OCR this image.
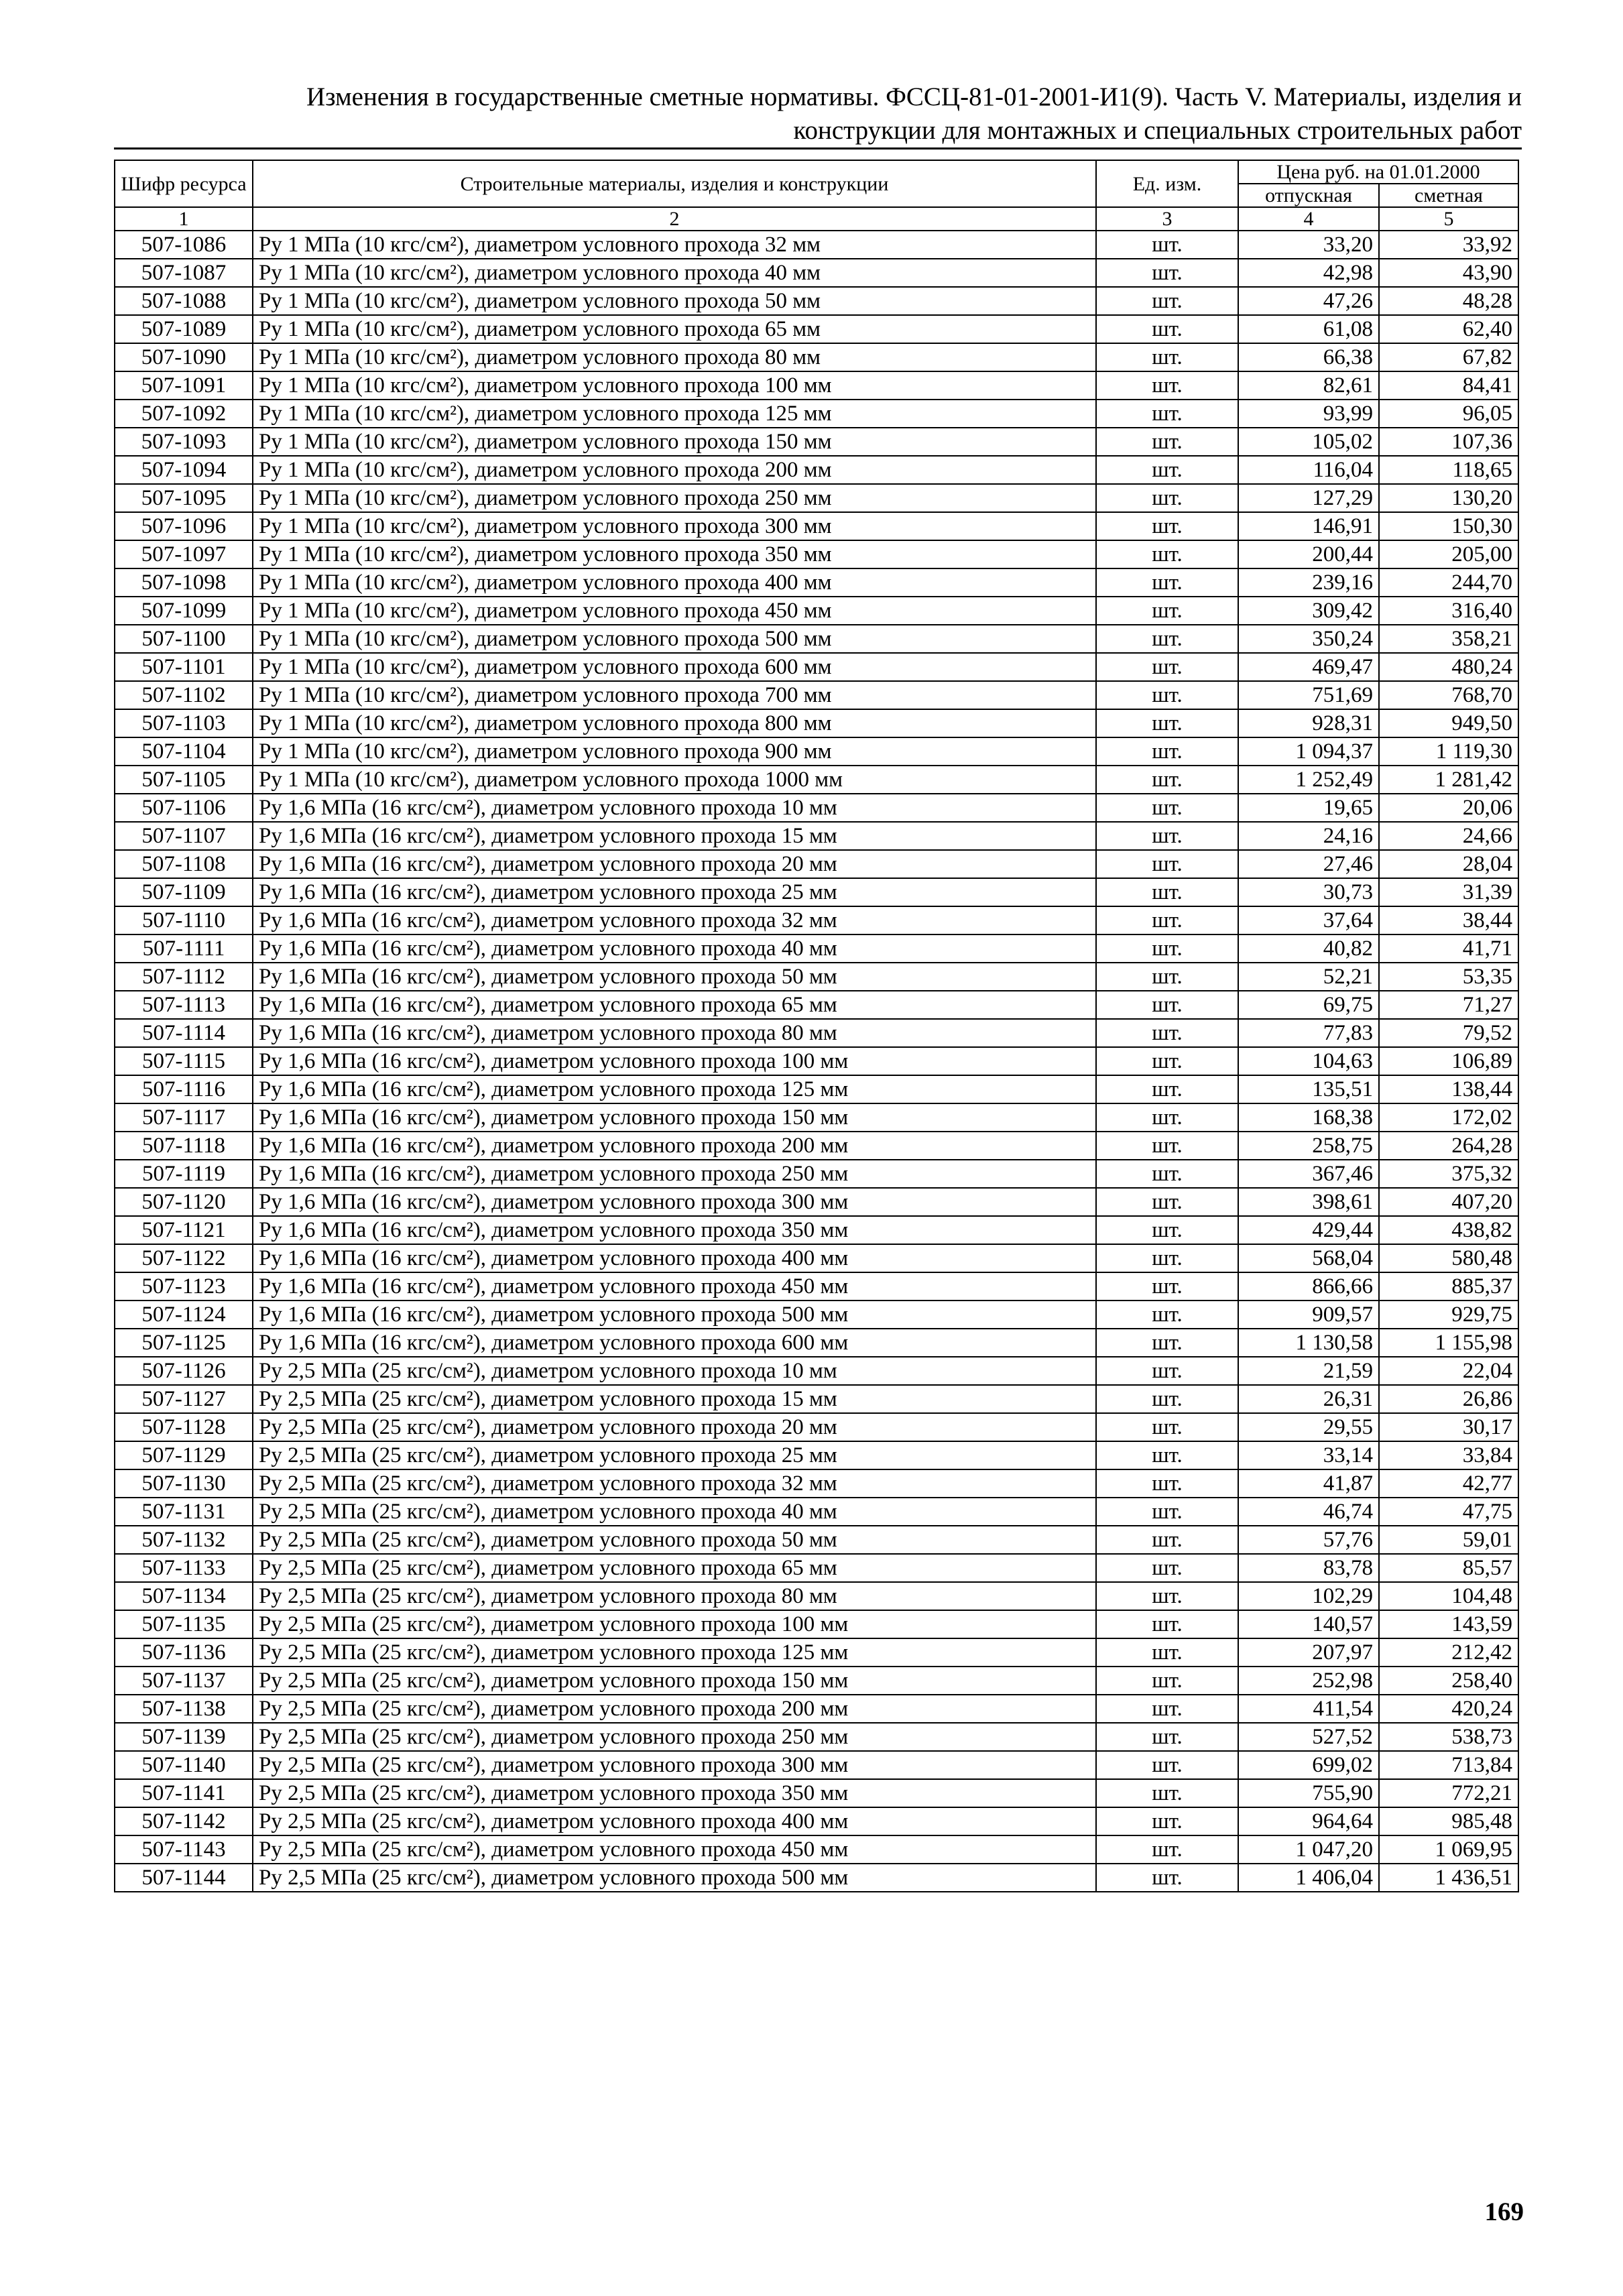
Изменения в государственные сметные нормативы. ФССЦ-81-01-2001-И1(9). Часть V. Материалы, изделия и
конструкции для монтажных и специальных строительных работ
Шифр ресурса	Строительные материалы, изделия и конструкции	Ед. изм.	Цена руб. на 01.01.2000	
			отпускная	сметная
1	2	3	4	5
507-1086	Ру 1 МПа (10 кгс/см²), диаметром условного прохода 32 мм	шт.	33,20	33,92
507-1087	Ру 1 МПа (10 кгс/см²), диаметром условного прохода 40 мм	шт.	42,98	43,90
507-1088	Ру 1 МПа (10 кгс/см²), диаметром условного прохода 50 мм	шт.	47,26	48,28
507-1089	Ру 1 МПа (10 кгс/см²), диаметром условного прохода 65 мм	шт.	61,08	62,40
507-1090	Ру 1 МПа (10 кгс/см²), диаметром условного прохода 80 мм	шт.	66,38	67,82
507-1091	Ру 1 МПа (10 кгс/см²), диаметром условного прохода 100 мм	шт.	82,61	84,41
507-1092	Ру 1 МПа (10 кгс/см²), диаметром условного прохода 125 мм	шт.	93,99	96,05
507-1093	Ру 1 МПа (10 кгс/см²), диаметром условного прохода 150 мм	шт.	105,02	107,36
507-1094	Ру 1 МПа (10 кгс/см²), диаметром условного прохода 200 мм	шт.	116,04	118,65
507-1095	Ру 1 МПа (10 кгс/см²), диаметром условного прохода 250 мм	шт.	127,29	130,20
507-1096	Ру 1 МПа (10 кгс/см²), диаметром условного прохода 300 мм	шт.	146,91	150,30
507-1097	Ру 1 МПа (10 кгс/см²), диаметром условного прохода 350 мм	шт.	200,44	205,00
507-1098	Ру 1 МПа (10 кгс/см²), диаметром условного прохода 400 мм	шт.	239,16	244,70
507-1099	Ру 1 МПа (10 кгс/см²), диаметром условного прохода 450 мм	шт.	309,42	316,40
507-1100	Ру 1 МПа (10 кгс/см²), диаметром условного прохода 500 мм	шт.	350,24	358,21
507-1101	Ру 1 МПа (10 кгс/см²), диаметром условного прохода 600 мм	шт.	469,47	480,24
507-1102	Ру 1 МПа (10 кгс/см²), диаметром условного прохода 700 мм	шт.	751,69	768,70
507-1103	Ру 1 МПа (10 кгс/см²), диаметром условного прохода 800 мм	шт.	928,31	949,50
507-1104	Ру 1 МПа (10 кгс/см²), диаметром условного прохода 900 мм	шт.	1 094,37	1 119,30
507-1105	Ру 1 МПа (10 кгс/см²), диаметром условного прохода 1000 мм	шт.	1 252,49	1 281,42
507-1106	Ру 1,6 МПа (16 кгс/см²), диаметром условного прохода 10 мм	шт.	19,65	20,06
507-1107	Ру 1,6 МПа (16 кгс/см²), диаметром условного прохода 15 мм	шт.	24,16	24,66
507-1108	Ру 1,6 МПа (16 кгс/см²), диаметром условного прохода 20 мм	шт.	27,46	28,04
507-1109	Ру 1,6 МПа (16 кгс/см²), диаметром условного прохода 25 мм	шт.	30,73	31,39
507-1110	Ру 1,6 МПа (16 кгс/см²), диаметром условного прохода 32 мм	шт.	37,64	38,44
507-1111	Ру 1,6 МПа (16 кгс/см²), диаметром условного прохода 40 мм	шт.	40,82	41,71
507-1112	Ру 1,6 МПа (16 кгс/см²), диаметром условного прохода 50 мм	шт.	52,21	53,35
507-1113	Ру 1,6 МПа (16 кгс/см²), диаметром условного прохода 65 мм	шт.	69,75	71,27
507-1114	Ру 1,6 МПа (16 кгс/см²), диаметром условного прохода 80 мм	шт.	77,83	79,52
507-1115	Ру 1,6 МПа (16 кгс/см²), диаметром условного прохода 100 мм	шт.	104,63	106,89
507-1116	Ру 1,6 МПа (16 кгс/см²), диаметром условного прохода 125 мм	шт.	135,51	138,44
507-1117	Ру 1,6 МПа (16 кгс/см²), диаметром условного прохода 150 мм	шт.	168,38	172,02
507-1118	Ру 1,6 МПа (16 кгс/см²), диаметром условного прохода 200 мм	шт.	258,75	264,28
507-1119	Ру 1,6 МПа (16 кгс/см²), диаметром условного прохода 250 мм	шт.	367,46	375,32
507-1120	Ру 1,6 МПа (16 кгс/см²), диаметром условного прохода 300 мм	шт.	398,61	407,20
507-1121	Ру 1,6 МПа (16 кгс/см²), диаметром условного прохода 350 мм	шт.	429,44	438,82
507-1122	Ру 1,6 МПа (16 кгс/см²), диаметром условного прохода 400 мм	шт.	568,04	580,48
507-1123	Ру 1,6 МПа (16 кгс/см²), диаметром условного прохода 450 мм	шт.	866,66	885,37
507-1124	Ру 1,6 МПа (16 кгс/см²), диаметром условного прохода 500 мм	шт.	909,57	929,75
507-1125	Ру 1,6 МПа (16 кгс/см²), диаметром условного прохода 600 мм	шт.	1 130,58	1 155,98
507-1126	Ру 2,5 МПа (25 кгс/см²), диаметром условного прохода 10 мм	шт.	21,59	22,04
507-1127	Ру 2,5 МПа (25 кгс/см²), диаметром условного прохода 15 мм	шт.	26,31	26,86
507-1128	Ру 2,5 МПа (25 кгс/см²), диаметром условного прохода 20 мм	шт.	29,55	30,17
507-1129	Ру 2,5 МПа (25 кгс/см²), диаметром условного прохода 25 мм	шт.	33,14	33,84
507-1130	Ру 2,5 МПа (25 кгс/см²), диаметром условного прохода 32 мм	шт.	41,87	42,77
507-1131	Ру 2,5 МПа (25 кгс/см²), диаметром условного прохода 40 мм	шт.	46,74	47,75
507-1132	Ру 2,5 МПа (25 кгс/см²), диаметром условного прохода 50 мм	шт.	57,76	59,01
507-1133	Ру 2,5 МПа (25 кгс/см²), диаметром условного прохода 65 мм	шт.	83,78	85,57
507-1134	Ру 2,5 МПа (25 кгс/см²), диаметром условного прохода 80 мм	шт.	102,29	104,48
507-1135	Ру 2,5 МПа (25 кгс/см²), диаметром условного прохода 100 мм	шт.	140,57	143,59
507-1136	Ру 2,5 МПа (25 кгс/см²), диаметром условного прохода 125 мм	шт.	207,97	212,42
507-1137	Ру 2,5 МПа (25 кгс/см²), диаметром условного прохода 150 мм	шт.	252,98	258,40
507-1138	Ру 2,5 МПа (25 кгс/см²), диаметром условного прохода 200 мм	шт.	411,54	420,24
507-1139	Ру 2,5 МПа (25 кгс/см²), диаметром условного прохода 250 мм	шт.	527,52	538,73
507-1140	Ру 2,5 МПа (25 кгс/см²), диаметром условного прохода 300 мм	шт.	699,02	713,84
507-1141	Ру 2,5 МПа (25 кгс/см²), диаметром условного прохода 350 мм	шт.	755,90	772,21
507-1142	Ру 2,5 МПа (25 кгс/см²), диаметром условного прохода 400 мм	шт.	964,64	985,48
507-1143	Ру 2,5 МПа (25 кгс/см²), диаметром условного прохода 450 мм	шт.	1 047,20	1 069,95
507-1144	Ру 2,5 МПа (25 кгс/см²), диаметром условного прохода 500 мм	шт.	1 406,04	1 436,51
169
